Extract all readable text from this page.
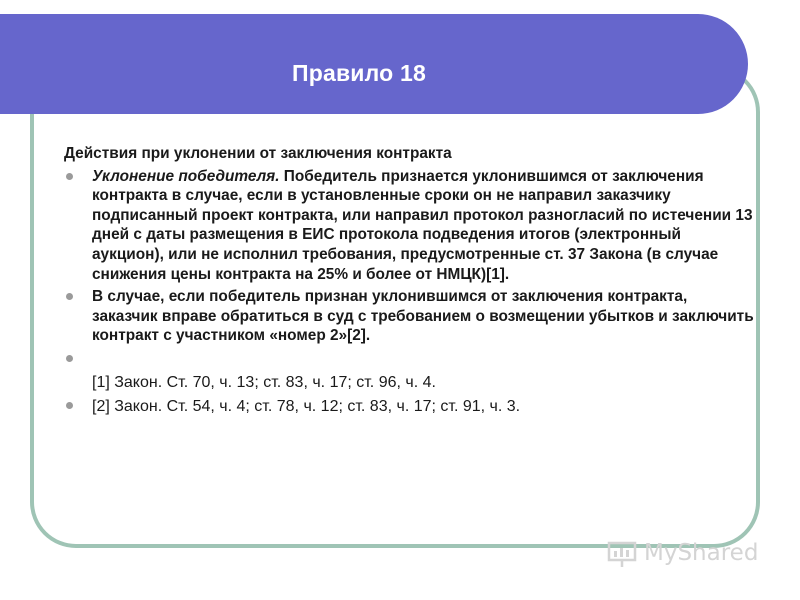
Правило 18
Действия при уклонении от заключения контракта
Уклонение победителя. Победитель признается уклонившимся от заключения контракта в случае, если в установленные сроки он не направил заказчику подписанный проект контракта, или направил протокол разногласий по истечении 13 дней с даты размещения в ЕИС протокола подведения итогов (электронный аукцион), или не исполнил требования, предусмотренные ст. 37 Закона (в случае снижения цены контракта на 25% и более от НМЦК)[1].
В случае, если победитель признан уклонившимся от заключения контракта, заказчик вправе обратиться в суд с требованием о возмещении убытков и заключить контракт с участником «номер 2»[2].
[1] Закон. Ст. 70, ч. 13; ст. 83, ч. 17; ст. 96, ч. 4.
[2] Закон. Ст. 54, ч. 4; ст. 78, ч. 12; ст. 83, ч. 17; ст. 91, ч. 3.
MyShared
